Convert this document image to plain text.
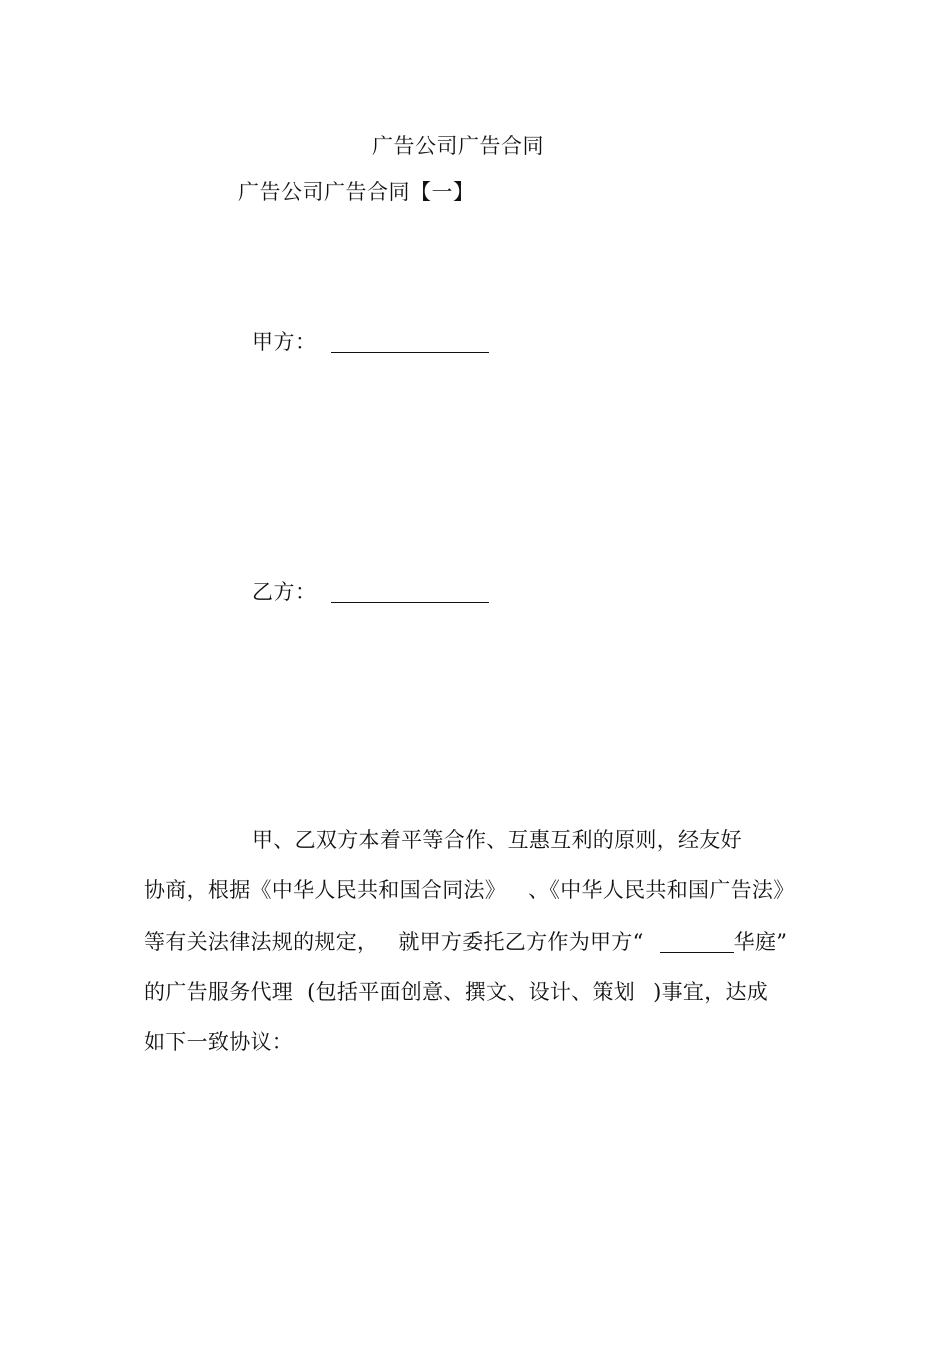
广告公司广告合同
广告公司广告合同【一】
甲方：
乙方：
甲、乙双方本着平等合作、互惠互利的原则，经友好
协商，根据《中华人民共和国合同法》 、《中华人民共和国广告法》
等有关法律法规的规定， 就甲方委托乙方作为甲方“	华庭”
的广告服务代理 (包括平面创意、撰文、设计、策划 )事宜，达成
如下一致协议：
